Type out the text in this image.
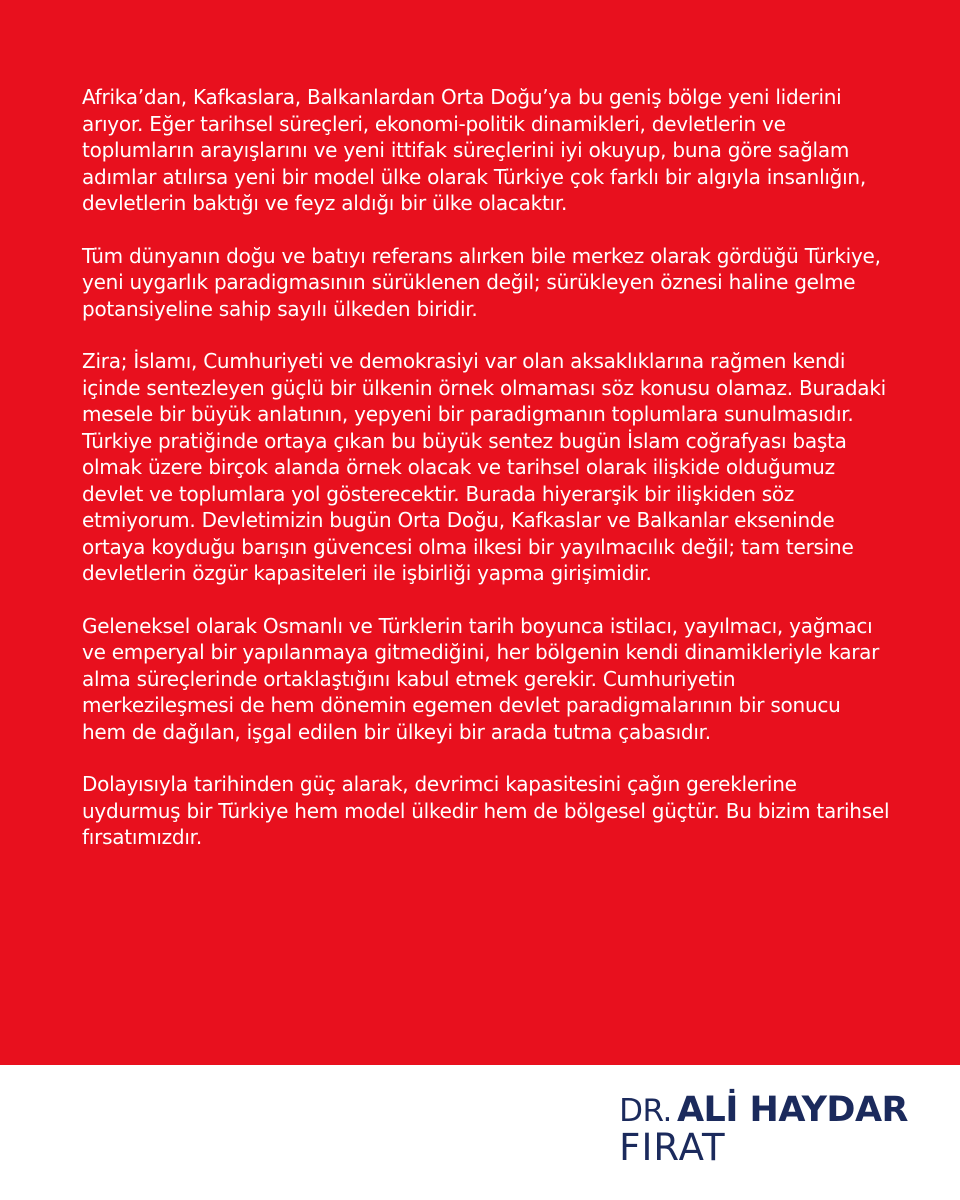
Afrika’dan, Kafkaslara, Balkanlardan Orta Doğu’ya bu geniş bölge yeni liderini arıyor. Eğer tarihsel süreçleri, ekonomi-politik dinamikleri, devletlerin ve toplumların arayışlarını ve yeni ittifak süreçlerini iyi okuyup, buna göre sağlam adımlar atılırsa yeni bir model ülke olarak Türkiye çok farklı bir algıyla insanlığın, devletlerin baktığı ve feyz aldığı bir ülke olacaktır.

Tüm dünyanın doğu ve batıyı referans alırken bile merkez olarak gördüğü Türkiye, yeni uygarlık paradigmasının sürüklenen değil; sürükleyen öznesi haline gelme potansiyeline sahip sayılı ülkeden biridir.

Zira; İslamı, Cumhuriyeti ve demokrasiyi var olan aksaklıklarına rağmen kendi içinde sentezleyen güçlü bir ülkenin örnek olmaması söz konusu olamaz. Buradaki mesele bir büyük anlatının, yepyeni bir paradigmanın toplumlara sunulmasıdır. Türkiye pratiğinde ortaya çıkan bu büyük sentez bugün İslam coğrafyası başta olmak üzere birçok alanda örnek olacak ve tarihsel olarak ilişkide olduğumuz devlet ve toplumlara yol gösterecektir. Burada hiyerarşik bir ilişkiden söz etmiyorum. Devletimizin bugün Orta Doğu, Kafkaslar ve Balkanlar ekseninde ortaya koyduğu barışın güvencesi olma ilkesi bir yayılmacılık değil; tam tersine devletlerin özgür kapasiteleri ile işbirliği yapma girişimidir.

Geleneksel olarak Osmanlı ve Türklerin tarih boyunca istilacı, yayılmacı, yağmacı ve emperyal bir yapılanmaya gitmediğini, her bölgenin kendi dinamikleriyle karar alma süreçlerinde ortaklaştığını kabul etmek gerekir. Cumhuriyetin merkezileşmesi de hem dönemin egemen devlet paradigmalarının bir sonucu hem de dağılan, işgal edilen bir ülkeyi bir arada tutma çabasıdır.

Dolayısıyla tarihinden güç alarak, devrimci kapasitesini çağın gereklerine uydurmuş bir Türkiye hem model ülkedir hem de bölgesel güçtür. Bu bizim tarihsel fırsatımızdır.

DR. ALİ HAYDAR
FIRAT
